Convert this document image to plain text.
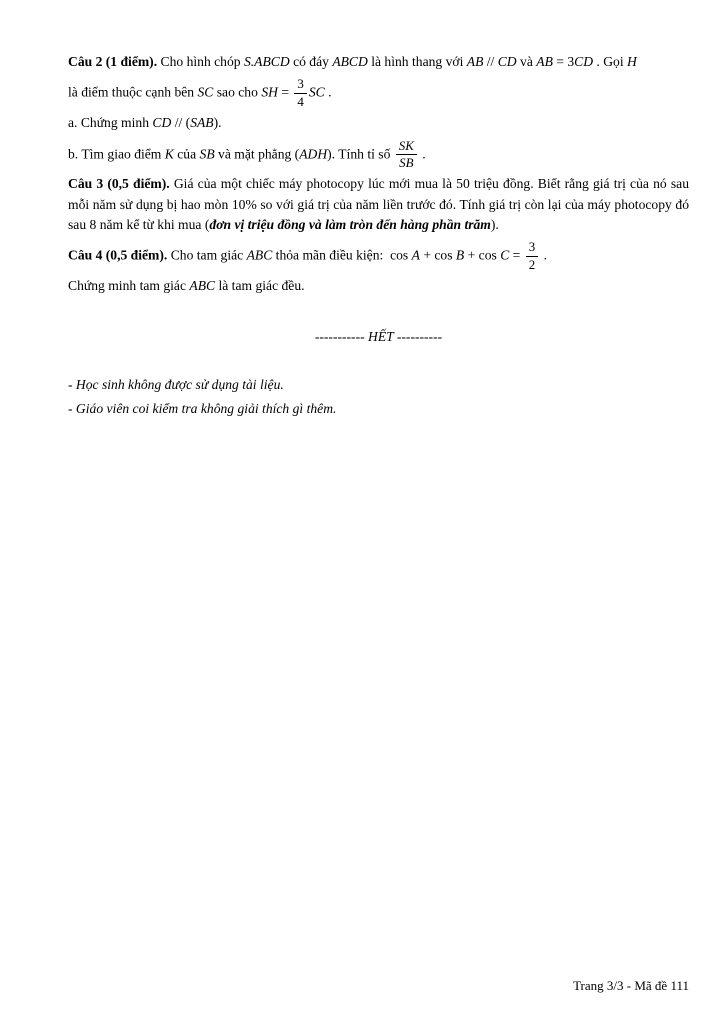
Câu 2 (1 điểm). Cho hình chóp S.ABCD có đáy ABCD là hình thang với AB // CD và AB = 3CD . Gọi H

là điểm thuộc cạnh bên SC sao cho SH = $\frac{3}{4}$ SC .

a. Chứng minh CD // (SAB).

b. Tìm giao điểm K của SB và mặt phẳng (ADH). Tính tỉ số $\frac{SK}{SB}$ .

Câu 3 (0,5 điểm). Giá của một chiếc máy photocopy lúc mới mua là 50 triệu đồng. Biết rằng giá trị của nó sau mỗi năm sử dụng bị hao mòn 10% so với giá trị của năm liền trước đó. Tính giá trị còn lại của máy photocopy đó sau 8 năm kể từ khi mua (đơn vị triệu đồng và làm tròn đến hàng phần trăm).

Câu 4 (0,5 điểm). Cho tam giác ABC thỏa mãn điều kiện:  $\cos A + \cos B + \cos C = \frac{3}{2}$ .

Chứng minh tam giác ABC là tam giác đều.

----------- HẾT ----------

- Học sinh không được sử dụng tài liệu.

- Giáo viên coi kiểm tra không giải thích gì thêm.

Trang 3/3 - Mã đề 111
